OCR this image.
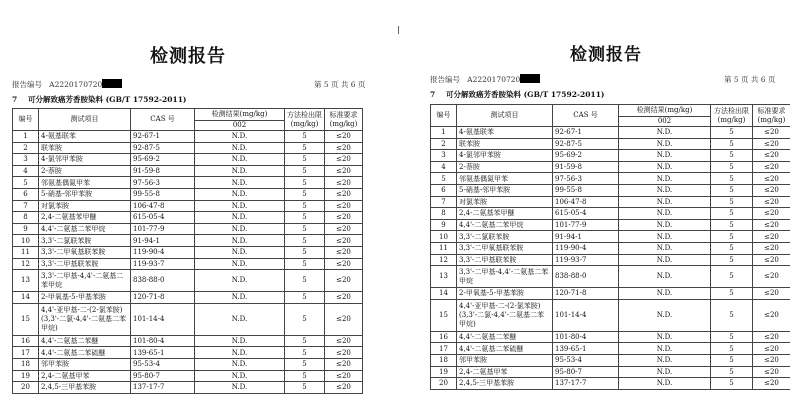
检测报告
报告编号 A2220170720	第 5 页 共 6 页
7 可分解致癌芳香胺染料 (GB/T 17592-2011)
编号	测试项目	CAS 号	检测结果(mg/kg)	方法检出限 (mg/kg)	标准要求 (mg/kg)
			002		
1	4-氨基联苯	92-67-1	N.D.	5	≤20
2	联苯胺	92-87-5	N.D.	5	≤20
3	4-氯邻甲苯胺	95-69-2	N.D.	5	≤20
4	2-萘胺	91-59-8	N.D.	5	≤20
5	邻氨基偶氮甲苯	97-56-3	N.D.	5	≤20
6	5-硝基-邻甲苯胺	99-55-8	N.D.	5	≤20
7	对氯苯胺	106-47-8	N.D.	5	≤20
8	2,4-二氨基苯甲醚	615-05-4	N.D.	5	≤20
9	4,4'-二氨基二苯甲烷	101-77-9	N.D.	5	≤20
10	3,3'-二氯联苯胺	91-94-1	N.D.	5	≤20
11	3,3'-二甲氧基联苯胺	119-90-4	N.D.	5	≤20
12	3,3'-二甲基联苯胺	119-93-7	N.D.	5	≤20
13	3,3'-二甲基-4,4'-二氨基二苯甲烷	838-88-0	N.D.	5	≤20
14	2-甲氧基-5-甲基苯胺	120-71-8	N.D.	5	≤20
15	4,4'-亚甲基-二-(2-氯苯胺) (3,3'-二氯-4,4'-二氨基二苯甲烷)	101-14-4	N.D.	5	≤20
16	4,4'-二氨基二苯醚	101-80-4	N.D.	5	≤20
17	4,4'-二氨基二苯硫醚	139-65-1	N.D.	5	≤20
18	邻甲苯胺	95-53-4	N.D.	5	≤20
19	2,4-二氨基甲苯	95-80-7	N.D.	5	≤20
20	2,4,5-三甲基苯胺	137-17-7	N.D.	5	≤20
检测报告
报告编号 A2220170720	第 5 页 共 6 页
7 可分解致癌芳香胺染料 (GB/T 17592-2011)
编号	测试项目	CAS 号	检测结果(mg/kg)	方法检出限 (mg/kg)	标准要求 (mg/kg)
			002		
1	4-氨基联苯	92-67-1	N.D.	5	≤20
2	联苯胺	92-87-5	N.D.	5	≤20
3	4-氯邻甲苯胺	95-69-2	N.D.	5	≤20
4	2-萘胺	91-59-8	N.D.	5	≤20
5	邻氨基偶氮甲苯	97-56-3	N.D.	5	≤20
6	5-硝基-邻甲苯胺	99-55-8	N.D.	5	≤20
7	对氯苯胺	106-47-8	N.D.	5	≤20
8	2,4-二氨基苯甲醚	615-05-4	N.D.	5	≤20
9	4,4'-二氨基二苯甲烷	101-77-9	N.D.	5	≤20
10	3,3'-二氯联苯胺	91-94-1	N.D.	5	≤20
11	3,3'-二甲氧基联苯胺	119-90-4	N.D.	5	≤20
12	3,3'-二甲基联苯胺	119-93-7	N.D.	5	≤20
13	3,3'-二甲基-4,4'-二氨基二苯甲烷	838-88-0	N.D.	5	≤20
14	2-甲氧基-5-甲基苯胺	120-71-8	N.D.	5	≤20
15	4,4'-亚甲基-二-(2-氯苯胺) (3,3'-二氯-4,4'-二氨基二苯甲烷)	101-14-4	N.D.	5	≤20
16	4,4'-二氨基二苯醚	101-80-4	N.D.	5	≤20
17	4,4'-二氨基二苯硫醚	139-65-1	N.D.	5	≤20
18	邻甲苯胺	95-53-4	N.D.	5	≤20
19	2,4-二氨基甲苯	95-80-7	N.D.	5	≤20
20	2,4,5-三甲基苯胺	137-17-7	N.D.	5	≤20
